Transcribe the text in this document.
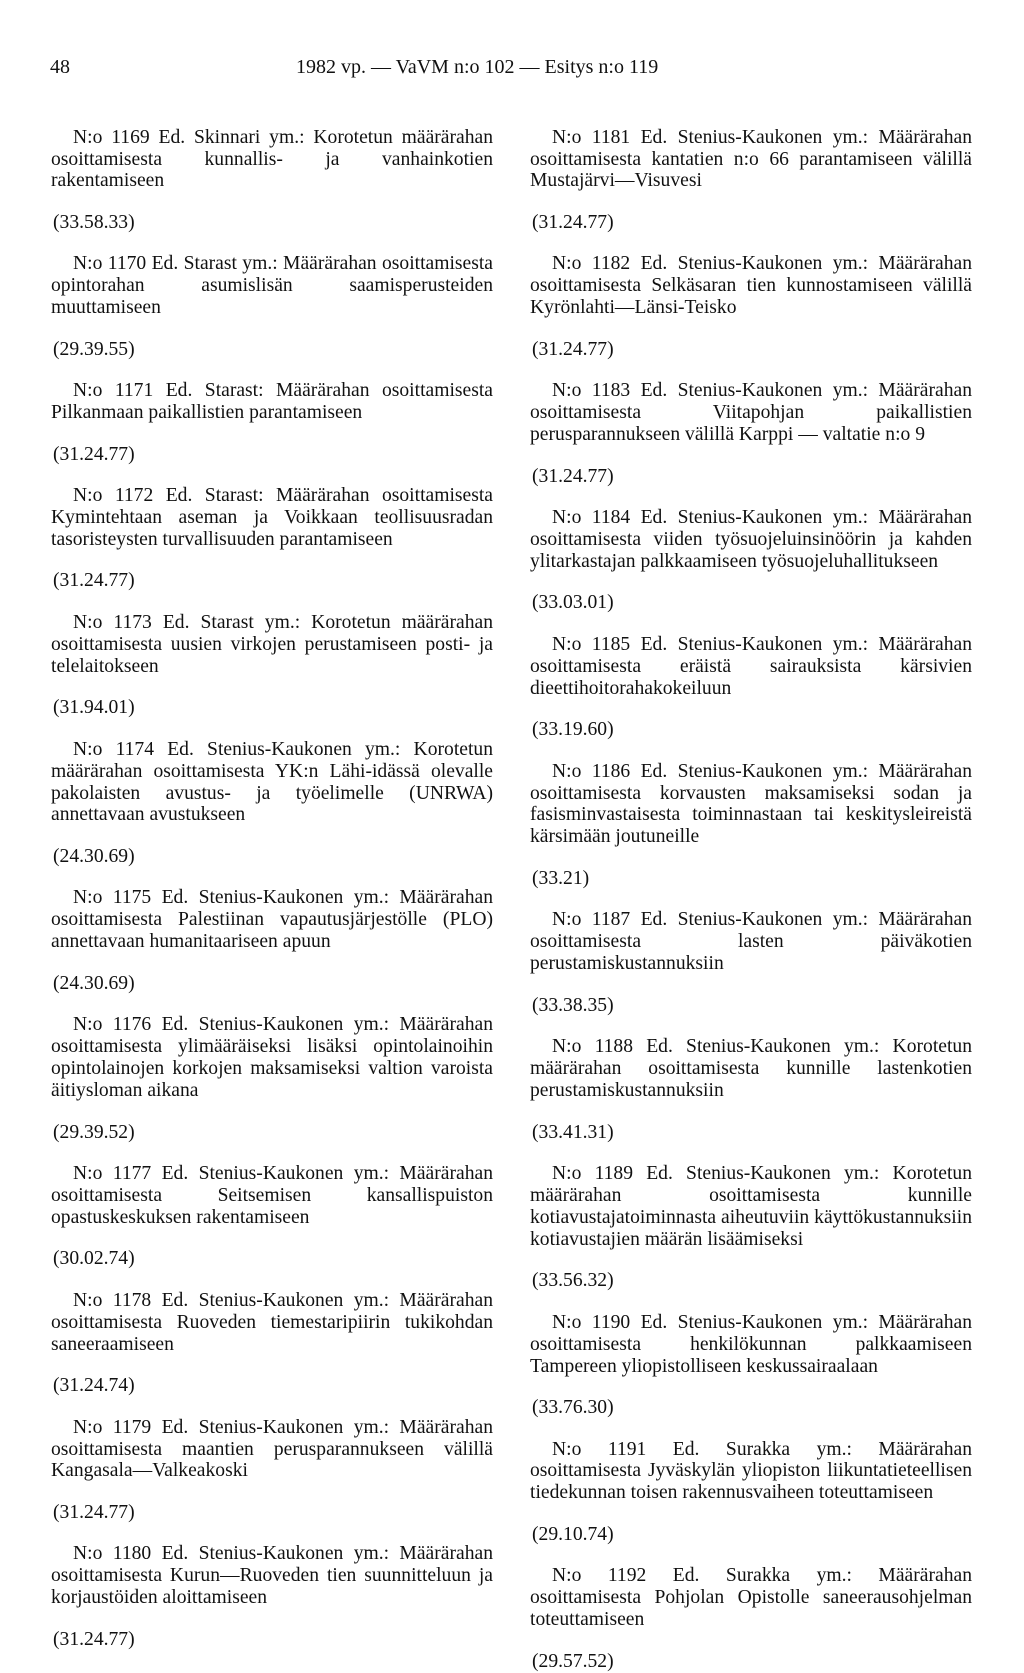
48	1982 vp. — VaVM n:o 102 — Esitys n:o 119

N:o 1169 Ed. Skinnari ym.: Korotetun määrärahan osoittamisesta kunnallis- ja vanhainkotien rakentamiseen

(33.58.33)

N:o 1170 Ed. Starast ym.: Määrärahan osoittamisesta opintorahan asumislisän saamisperusteiden muuttamiseen

(29.39.55)

N:o 1171 Ed. Starast: Määrärahan osoittamisesta Pilkanmaan paikallistien parantamiseen

(31.24.77)

N:o 1172 Ed. Starast: Määrärahan osoittamisesta Kymintehtaan aseman ja Voikkaan teollisuusradan tasoristeysten turvallisuuden parantamiseen

(31.24.77)

N:o 1173 Ed. Starast ym.: Korotetun määrärahan osoittamisesta uusien virkojen perustamiseen posti- ja telelaitokseen

(31.94.01)

N:o 1174 Ed. Stenius-Kaukonen ym.: Korotetun määrärahan osoittamisesta YK:n Lähi-idässä olevalle pakolaisten avustus- ja työelimelle (UNRWA) annettavaan avustukseen

(24.30.69)

N:o 1175 Ed. Stenius-Kaukonen ym.: Määrärahan osoittamisesta Palestiinan vapautusjärjestölle (PLO) annettavaan humanitaariseen apuun

(24.30.69)

N:o 1176 Ed. Stenius-Kaukonen ym.: Määrärahan osoittamisesta ylimääräiseksi lisäksi opintolainoihin opintolainojen korkojen maksamiseksi valtion varoista äitiysloman aikana

(29.39.52)

N:o 1177 Ed. Stenius-Kaukonen ym.: Määrärahan osoittamisesta Seitsemisen kansallispuiston opastuskeskuksen rakentamiseen

(30.02.74)

N:o 1178 Ed. Stenius-Kaukonen ym.: Määrärahan osoittamisesta Ruoveden tiemestaripiirin tukikohdan saneeraamiseen

(31.24.74)

N:o 1179 Ed. Stenius-Kaukonen ym.: Määrärahan osoittamisesta maantien perusparannukseen välillä Kangasala—Valkeakoski

(31.24.77)

N:o 1180 Ed. Stenius-Kaukonen ym.: Määrärahan osoittamisesta Kurun—Ruoveden tien suunnitteluun ja korjaustöiden aloittamiseen

(31.24.77)

N:o 1181 Ed. Stenius-Kaukonen ym.: Määrärahan osoittamisesta kantatien n:o 66 parantamiseen välillä Mustajärvi—Visuvesi

(31.24.77)

N:o 1182 Ed. Stenius-Kaukonen ym.: Määrärahan osoittamisesta Selkäsaran tien kunnostamiseen välillä Kyrönlahti—Länsi-Teisko

(31.24.77)

N:o 1183 Ed. Stenius-Kaukonen ym.: Määrärahan osoittamisesta Viitapohjan paikallistien perusparannukseen välillä Karppi — valtatie n:o 9

(31.24.77)

N:o 1184 Ed. Stenius-Kaukonen ym.: Määrärahan osoittamisesta viiden työsuojeluinsinöörin ja kahden ylitarkastajan palkkaamiseen työsuojeluhallitukseen

(33.03.01)

N:o 1185 Ed. Stenius-Kaukonen ym.: Määrärahan osoittamisesta eräistä sairauksista kärsivien dieettihoitorahakokeiluun

(33.19.60)

N:o 1186 Ed. Stenius-Kaukonen ym.: Määrärahan osoittamisesta korvausten maksamiseksi sodan ja fasisminvastaisesta toiminnastaan tai keskitysleireistä kärsimään joutuneille

(33.21)

N:o 1187 Ed. Stenius-Kaukonen ym.: Määrärahan osoittamisesta lasten päiväkotien perustamiskustannuksiin

(33.38.35)

N:o 1188 Ed. Stenius-Kaukonen ym.: Korotetun määrärahan osoittamisesta kunnille lastenkotien perustamiskustannuksiin

(33.41.31)

N:o 1189 Ed. Stenius-Kaukonen ym.: Korotetun määrärahan osoittamisesta kunnille kotiavustajatoiminnasta aiheutuviin käyttökustannuksiin kotiavustajien määrän lisäämiseksi

(33.56.32)

N:o 1190 Ed. Stenius-Kaukonen ym.: Määrärahan osoittamisesta henkilökunnan palkkaamiseen Tampereen yliopistolliseen keskussairaalaan

(33.76.30)

N:o 1191 Ed. Surakka ym.: Määrärahan osoittamisesta Jyväskylän yliopiston liikuntatieteellisen tiedekunnan toisen rakennusvaiheen toteuttamiseen

(29.10.74)

N:o 1192 Ed. Surakka ym.: Määrärahan osoittamisesta Pohjolan Opistolle saneerausohjelman toteuttamiseen

(29.57.52)
